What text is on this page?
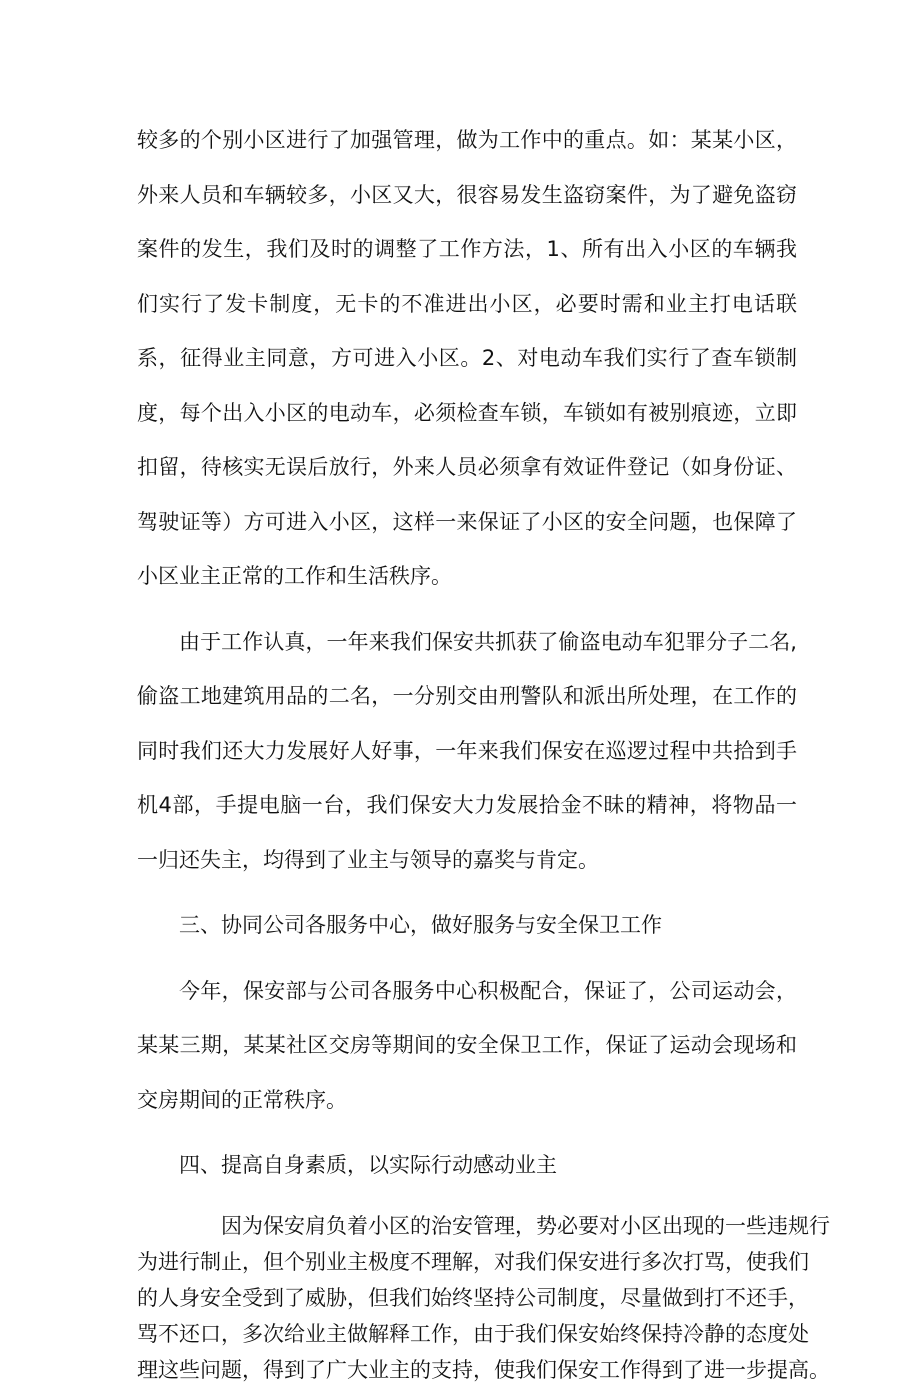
较多的个别小区进行了加强管理，做为工作中的重点。如：某某小区，外来人员和车辆较多，小区又大，很容易发生盗窃案件，为了避免盗窃案件的发生，我们及时的调整了工作方法，1、所有出入小区的车辆我们实行了发卡制度，无卡的不准进出小区，必要时需和业主打电话联系，征得业主同意，方可进入小区。2、对电动车我们实行了查车锁制度，每个出入小区的电动车，必须检查车锁，车锁如有被别痕迹，立即扣留，待核实无误后放行，外来人员必须拿有效证件登记（如身份证、驾驶证等）方可进入小区，这样一来保证了小区的安全问题，也保障了小区业主正常的工作和生活秩序。

由于工作认真，一年来我们保安共抓获了偷盗电动车犯罪分子二名,偷盗工地建筑用品的二名，一分别交由刑警队和派出所处理，在工作的同时我们还大力发展好人好事，一年来我们保安在巡逻过程中共拾到手机4部，手提电脑一台，我们保安大力发展拾金不昧的精神，将物品一一归还失主，均得到了业主与领导的嘉奖与肯定。

三、协同公司各服务中心，做好服务与安全保卫工作

今年，保安部与公司各服务中心积极配合，保证了，公司运动会，某某三期，某某社区交房等期间的安全保卫工作，保证了运动会现场和交房期间的正常秩序。

四、提高自身素质，以实际行动感动业主

因为保安肩负着小区的治安管理，势必要对小区出现的一些违规行
为进行制止，但个别业主极度不理解，对我们保安进行多次打骂，使我们
的人身安全受到了威胁，但我们始终坚持公司制度，尽量做到打不还手，
骂不还口，多次给业主做解释工作，由于我们保安始终保持冷静的态度处
理这些问题，得到了广大业主的支持，使我们保安工作得到了进一步提高。
